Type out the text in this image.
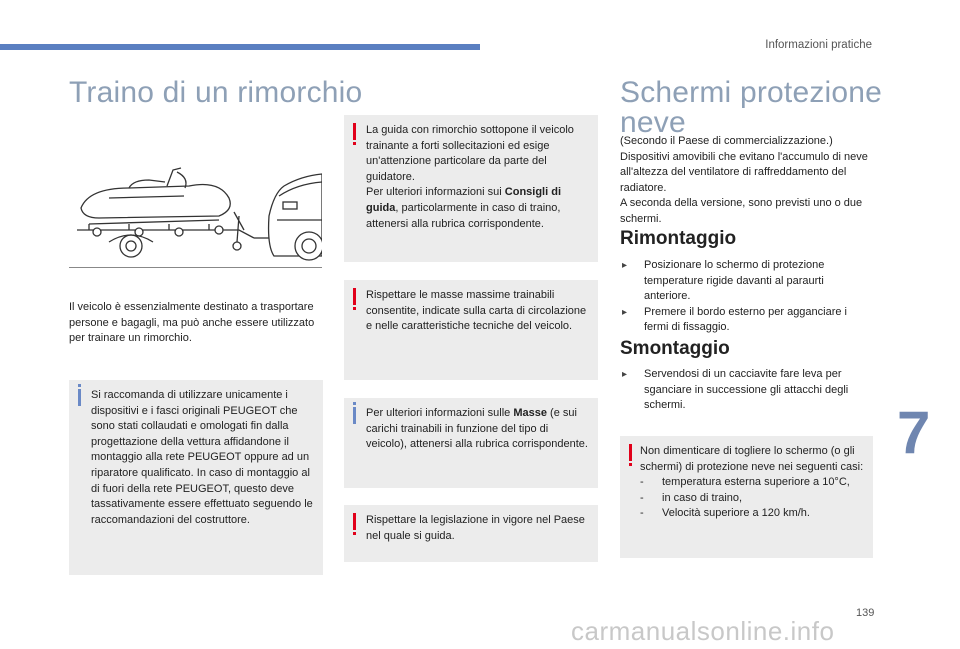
Informazioni pratiche
Traino di un rimorchio
Il veicolo è essenzialmente destinato a trasportare persone e bagagli, ma può anche essere utilizzato per trainare un rimorchio.
Si raccomanda di utilizzare unicamente i dispositivi e i fasci originali PEUGEOT che sono stati collaudati e omologati fin dalla progettazione della vettura affidandone il montaggio alla rete PEUGEOT oppure ad un riparatore qualificato. In caso di montaggio al di fuori della rete PEUGEOT, questo deve tassativamente essere effettuato seguendo le raccomandazioni del costruttore.
La guida con rimorchio sottopone il veicolo trainante a forti sollecitazioni ed esige un'attenzione particolare da parte del guidatore.
Per ulteriori informazioni sui Consigli di guida, particolarmente in caso di traino, attenersi alla rubrica corrispondente.
Rispettare le masse massime trainabili consentite, indicate sulla carta di circolazione e nelle caratteristiche tecniche del veicolo.
Per ulteriori informazioni sulle Masse (e sui carichi trainabili in funzione del tipo di veicolo), attenersi alla rubrica corrispondente.
Rispettare la legislazione in vigore nel Paese nel quale si guida.
Schermi protezione
neve
(Secondo il Paese di commercializzazione.)
Dispositivi amovibili che evitano l'accumulo di neve all'altezza del ventilatore di raffreddamento del radiatore.
A seconda della versione, sono previsti uno o due schermi.
Rimontaggio
▸ Posizionare lo schermo di protezione temperature rigide davanti al paraurti anteriore.
▸ Premere il bordo esterno per agganciare i fermi di fissaggio.
Smontaggio
▸ Servendosi di un cacciavite fare leva per sganciare in successione gli attacchi degli schermi.
Non dimenticare di togliere lo schermo (o gli schermi) di protezione neve nei seguenti casi:
- temperatura esterna superiore a 10°C,
- in caso di traino,
- Velocità superiore a 120 km/h.
7
139
carmanualsonline.info
